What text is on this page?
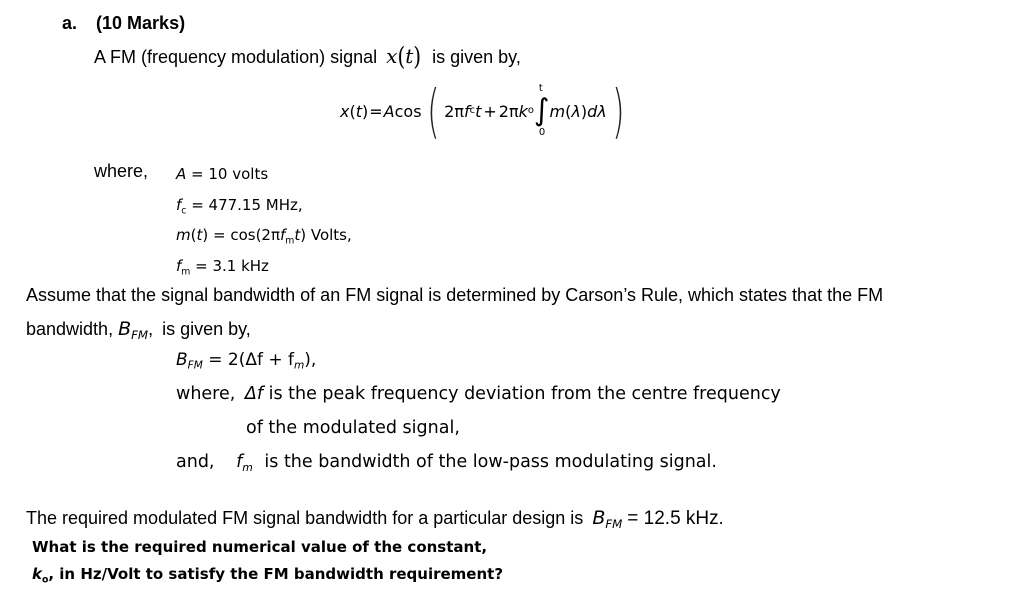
a. (10 Marks)
A FM (frequency modulation) signal x(t) is given by,
x ( t ) = A cos ( 2π f c t + 2π k o
t
∫
0
m ( λ ) d λ )
where, A = 10 volts
$f_c = 477.15$ MHz,
$m(t) = \cos(2\pi f_mt)$ Volts,
$f_m = 3.1$ kHz
Assume that the signal bandwidth of an FM signal is determined by Carson’s Rule, which states that the FM
bandwidth, $B_{FM}$, is given by,
$B_{FM} = 2(\Delta f + f_m)$,
where, Δf is the peak frequency deviation from the centre frequency
of the modulated signal,
and, $f_m$ is the bandwidth of the low-pass modulating signal.
The required modulated FM signal bandwidth for a particular design is $B_{FM} = 12.5$ kHz.
What is the required numerical value of the constant,
$k_o$, in Hz/Volt to satisfy the FM bandwidth requirement?
